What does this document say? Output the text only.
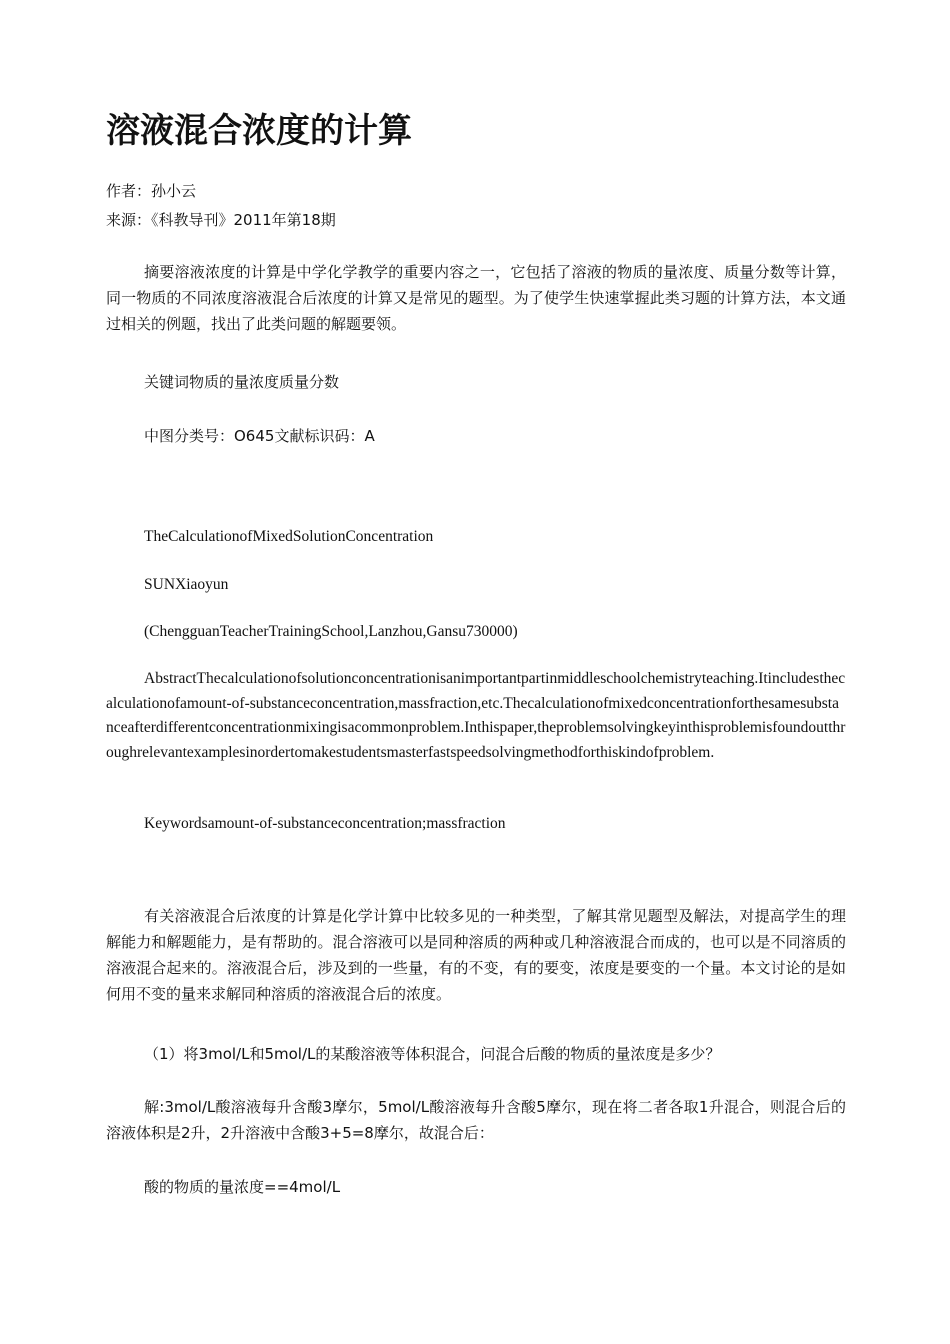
溶液混合浓度的计算
作者：孙小云
来源：《科教导刊》2011年第18期

摘要溶液浓度的计算是中学化学教学的重要内容之一，它包括了溶液的物质的量浓度、质量分数等计算，同一物质的不同浓度溶液混合后浓度的计算又是常见的题型。为了使学生快速掌握此类习题的计算方法，本文通过相关的例题，找出了此类问题的解题要领。

关键词物质的量浓度质量分数
中图分类号：O645文献标识码：A
TheCalculationofMixedSolutionConcentration
SUNXiaoyun
(ChengguanTeacherTrainingSchool,Lanzhou,Gansu730000)

AbstractThecalculationofsolutionconcentrationisanimportantpartinmiddleschoolchemistryteaching.Itincludesthecalculationofamount-of-substanceconcentration,massfraction,etc.Thecalculationofmixedconcentrationforthesamesubstanceafterdifferentconcentrationmixingisacommonproblem.Inthispaper,theproblemsolvingkeyinthisproblemisfoundoutthroughrelevantexamplesinordertomakestudentsmasterfastspeedsolvingmethodforthiskindofproblem.

Keywordsamount-of-substanceconcentration;massfraction

有关溶液混合后浓度的计算是化学计算中比较多见的一种类型，了解其常见题型及解法，对提高学生的理解能力和解题能力，是有帮助的。混合溶液可以是同种溶质的两种或几种溶液混合而成的，也可以是不同溶质的溶液混合起来的。溶液混合后，涉及到的一些量，有的不变，有的要变，浓度是要变的一个量。本文讨论的是如何用不变的量来求解同种溶质的溶液混合后的浓度。

（1）将3mol/L和5mol/L的某酸溶液等体积混合，问混合后酸的物质的量浓度是多少？

解:3mol/L酸溶液每升含酸3摩尔，5mol/L酸溶液每升含酸5摩尔，现在将二者各取1升混合，则混合后的溶液体积是2升，2升溶液中含酸3+5=8摩尔，故混合后：

酸的物质的量浓度==4mol/L
